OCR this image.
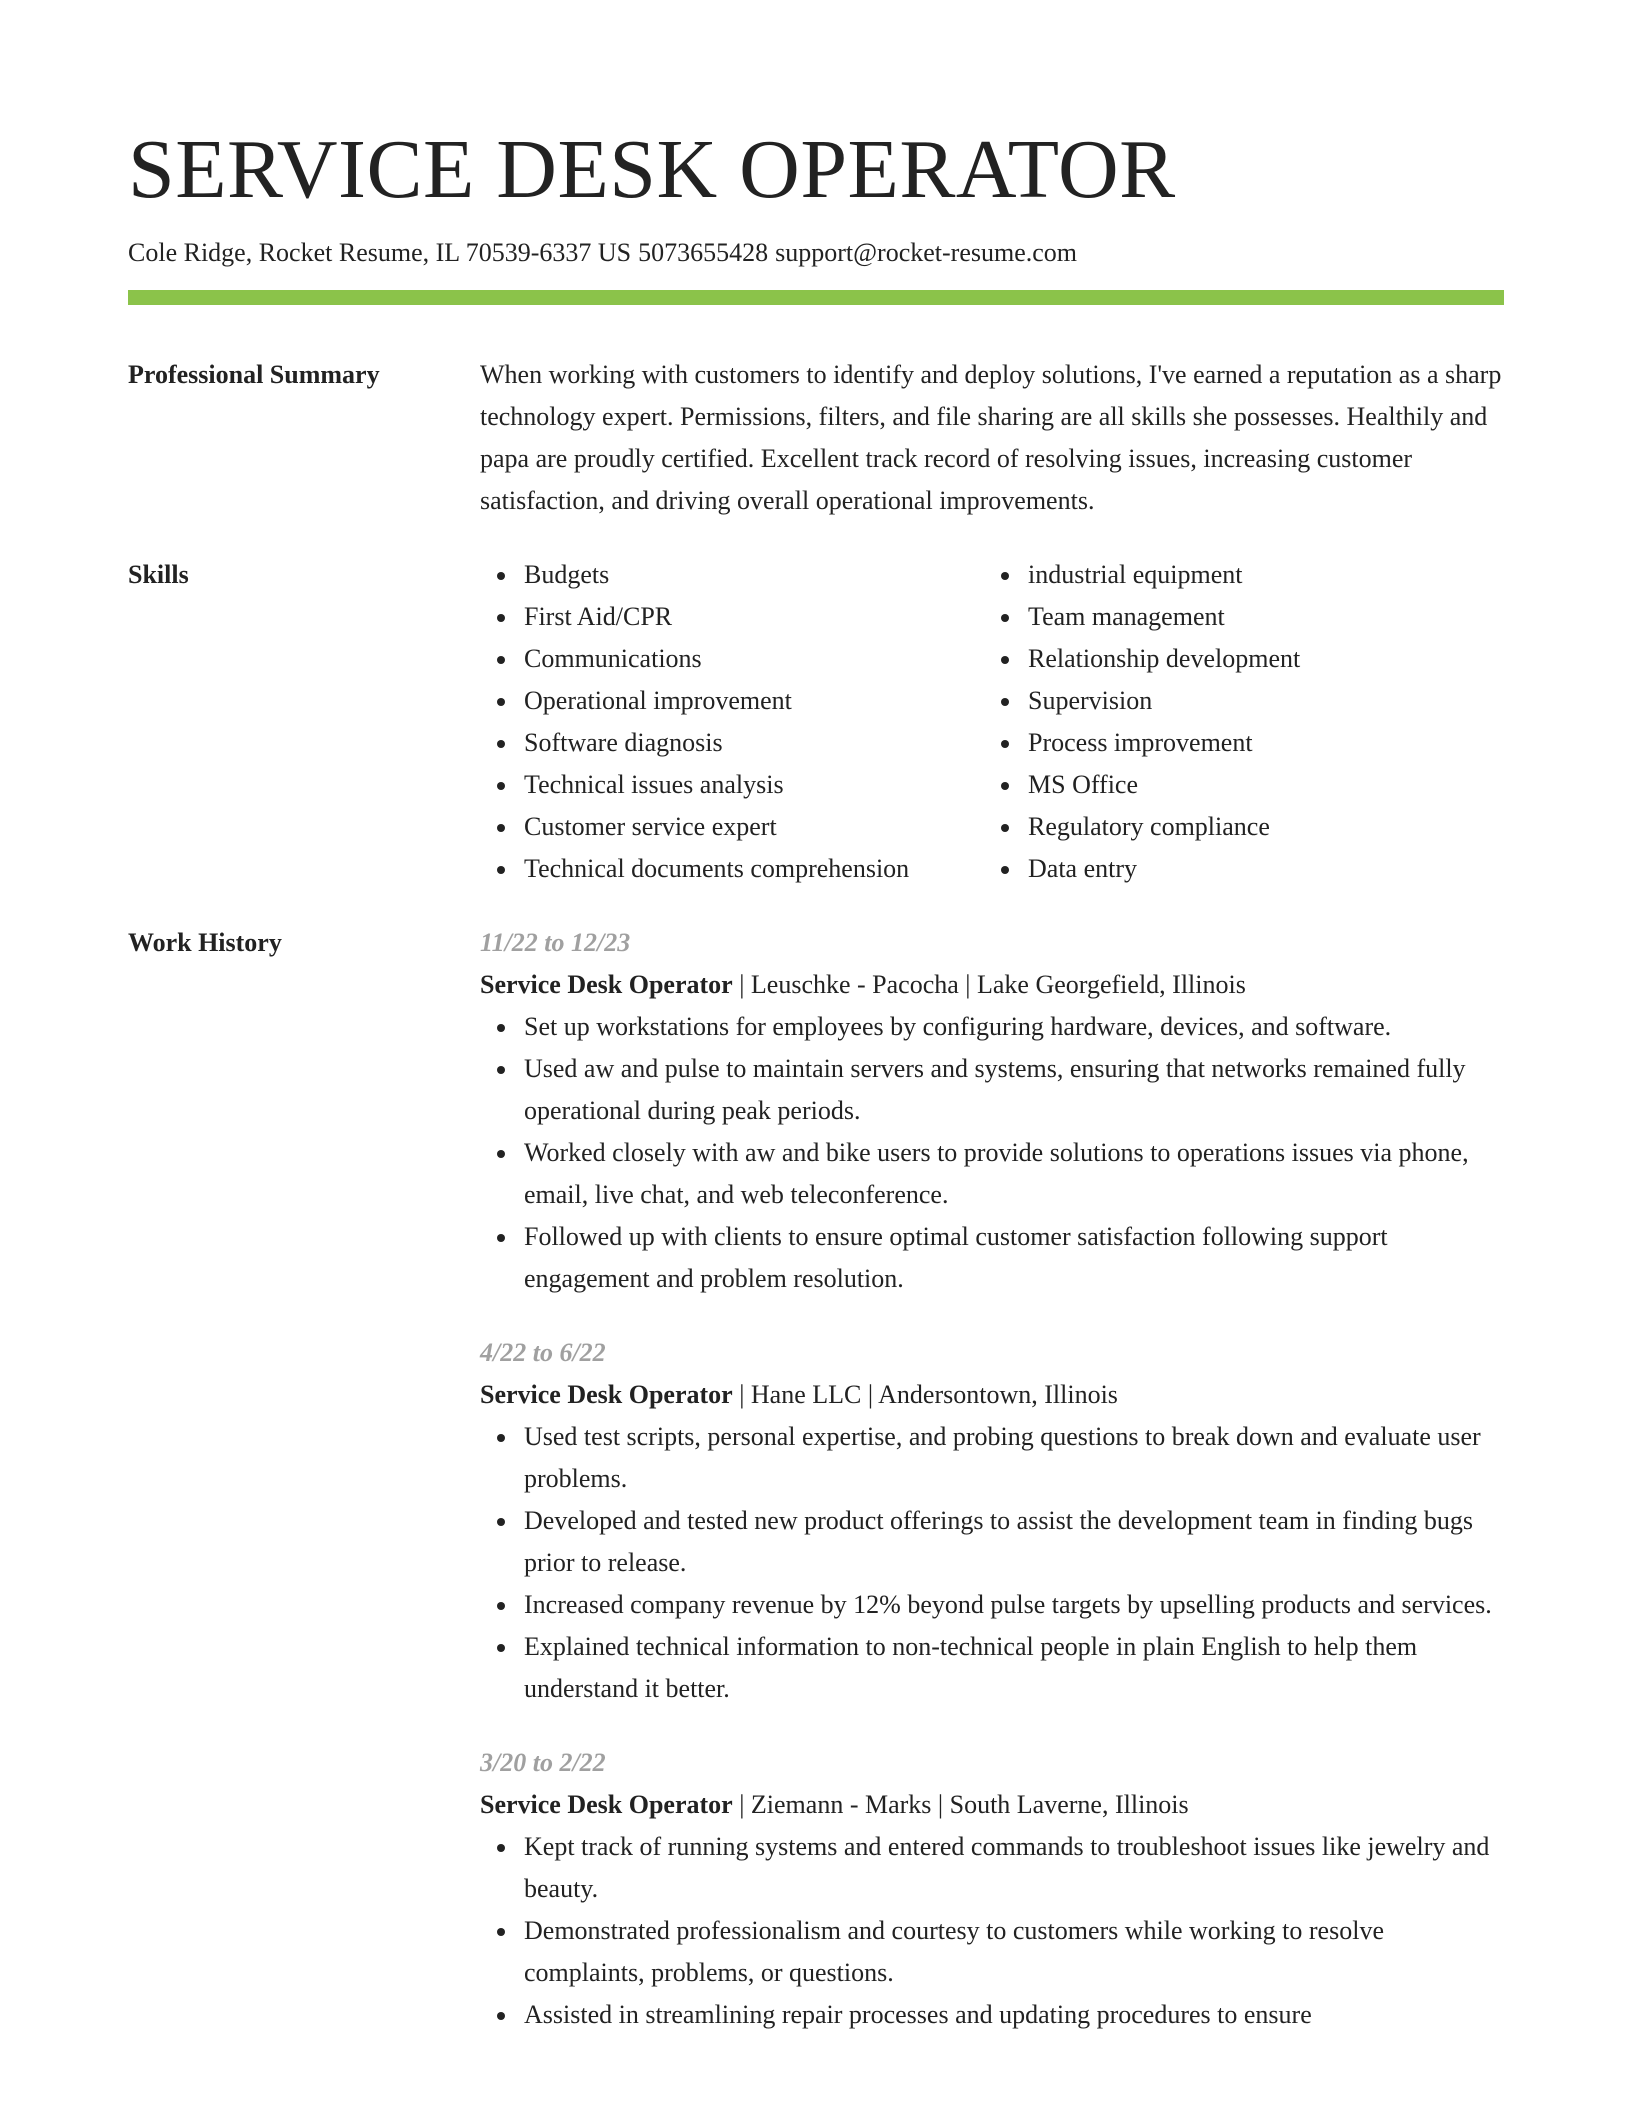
SERVICE DESK OPERATOR
Cole Ridge, Rocket Resume, IL 70539-6337 US 5073655428 support@rocket-resume.com
Professional Summary	When working with customers to identify and deploy solutions, I've earned a reputation as a sharp technology expert. Permissions, filters, and file sharing are all skills she possesses. Healthily and papa are proudly certified. Excellent track record of resolving issues, increasing customer satisfaction, and driving overall operational improvements.
Skills	Budgets
First Aid/CPR
Communications
Operational improvement
Software diagnosis
Technical issues analysis
Customer service expert
Technical documents comprehension
industrial equipment
Team management
Relationship development
Supervision
Process improvement
MS Office
Regulatory compliance
Data entry
Work History	11/22 to 12/23
Service Desk Operator | Leuschke - Pacocha | Lake Georgefield, Illinois
Set up workstations for employees by configuring hardware, devices, and software.
Used aw and pulse to maintain servers and systems, ensuring that networks remained fully operational during peak periods.
Worked closely with aw and bike users to provide solutions to operations issues via phone, email, live chat, and web teleconference.
Followed up with clients to ensure optimal customer satisfaction following support engagement and problem resolution.
4/22 to 6/22
Service Desk Operator | Hane LLC | Andersontown, Illinois
Used test scripts, personal expertise, and probing questions to break down and evaluate user problems.
Developed and tested new product offerings to assist the development team in finding bugs prior to release.
Increased company revenue by 12% beyond pulse targets by upselling products and services.
Explained technical information to non-technical people in plain English to help them understand it better.
3/20 to 2/22
Service Desk Operator | Ziemann - Marks | South Laverne, Illinois
Kept track of running systems and entered commands to troubleshoot issues like jewelry and beauty.
Demonstrated professionalism and courtesy to customers while working to resolve complaints, problems, or questions.
Assisted in streamlining repair processes and updating procedures to ensure
